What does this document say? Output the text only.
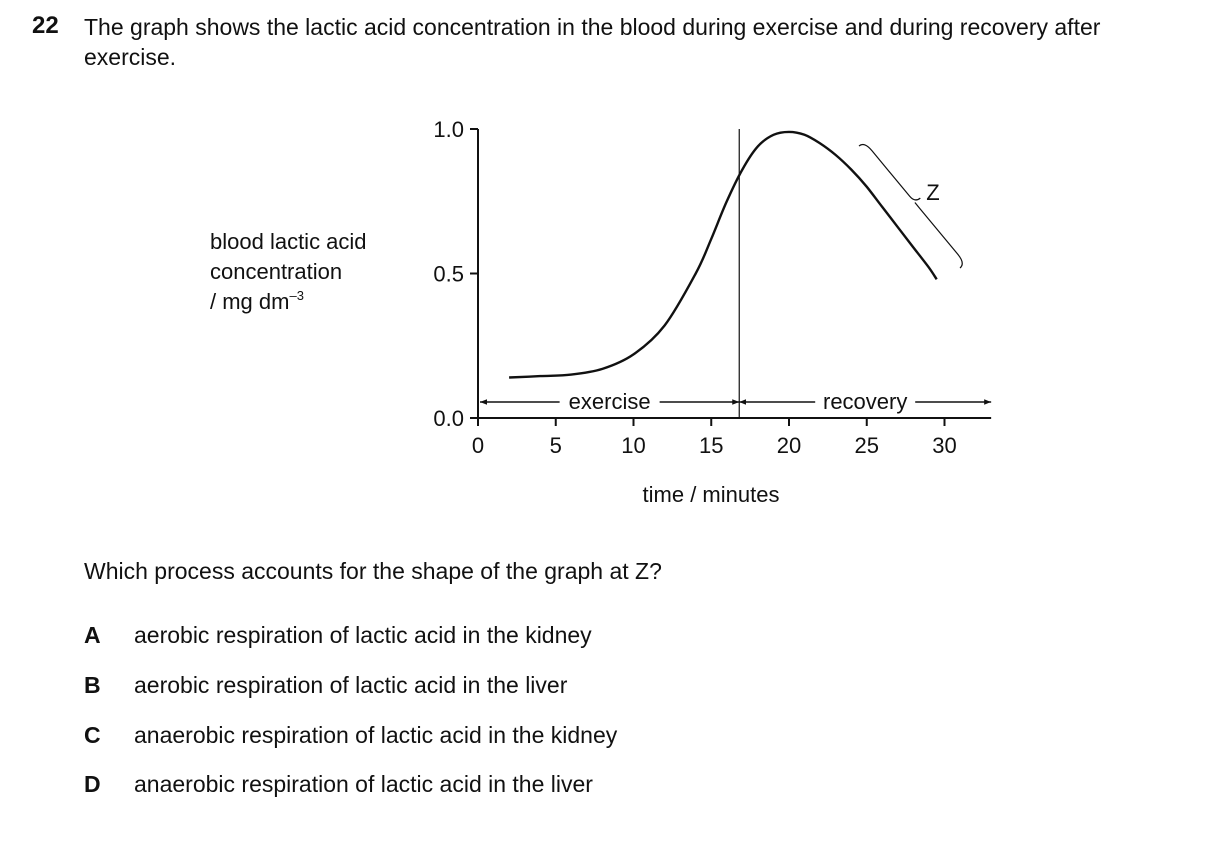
22 The graph shows the lactic acid concentration in the blood during exercise and during recovery after exercise.
blood lactic acid
concentration
/ mg $dm^{-3}$
0.0
0.5
1.0
0	5	10 15 20 25 30
exercise	recovery
Z
time / minutes
Which process accounts for the shape of the graph at Z?
A aerobic respiration of lactic acid in the kidney
B aerobic respiration of lactic acid in the liver
C anaerobic respiration of lactic acid in the kidney
D anaerobic respiration of lactic acid in the liver
